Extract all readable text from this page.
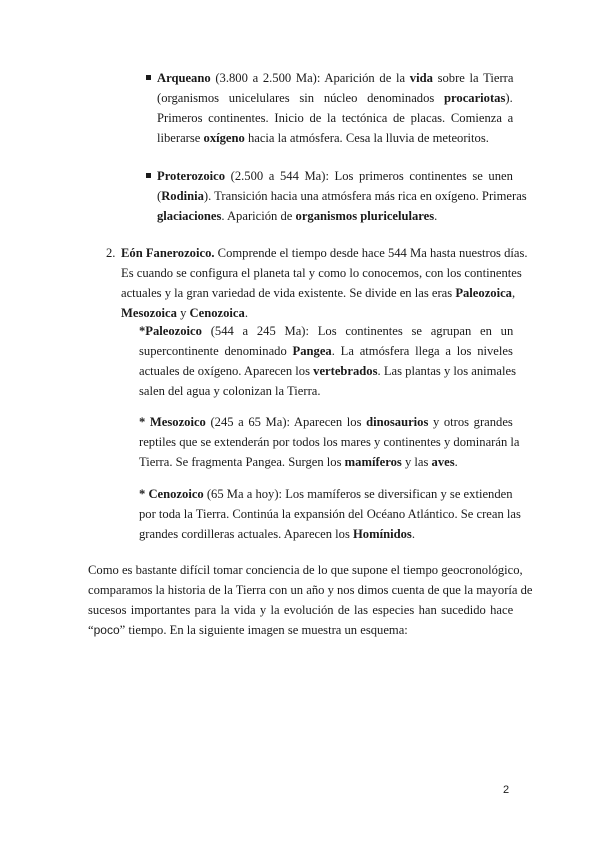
Arqueano (3.800 a 2.500 Ma): Aparición de la vida sobre la Tierra
(organismos unicelulares sin núcleo denominados procariotas).
Primeros continentes. Inicio de la tectónica de placas. Comienza a
liberarse oxígeno hacia la atmósfera. Cesa la lluvia de meteoritos.
Proterozoico (2.500 a 544 Ma): Los primeros continentes se unen
(Rodinia). Transición hacia una atmósfera más rica en oxígeno. Primeras
glaciaciones. Aparición de organismos pluricelulares.
2. Eón Fanerozoico. Comprende el tiempo desde hace 544 Ma hasta nuestros días.
Es cuando se configura el planeta tal y como lo conocemos, con los continentes
actuales y la gran variedad de vida existente. Se divide en las eras Paleozoica,
Mesozoica y Cenozoica.
*Paleozoico (544 a 245 Ma): Los continentes se agrupan en un
supercontinente denominado Pangea. La atmósfera llega a los niveles
actuales de oxígeno. Aparecen los vertebrados. Las plantas y los animales
salen del agua y colonizan la Tierra.
* Mesozoico (245 a 65 Ma): Aparecen los dinosaurios y otros grandes
reptiles que se extenderán por todos los mares y continentes y dominarán la
Tierra. Se fragmenta Pangea. Surgen los mamíferos y las aves.
* Cenozoico (65 Ma a hoy): Los mamíferos se diversifican y se extienden
por toda la Tierra. Continúa la expansión del Océano Atlántico. Se crean las
grandes cordilleras actuales. Aparecen los Homínidos.
Como es bastante difícil tomar conciencia de lo que supone el tiempo geocronológico,
comparamos la historia de la Tierra con un año y nos dimos cuenta de que la mayoría de
sucesos importantes para la vida y la evolución de las especies han sucedido hace
“poco” tiempo. En la siguiente imagen se muestra un esquema:
2
